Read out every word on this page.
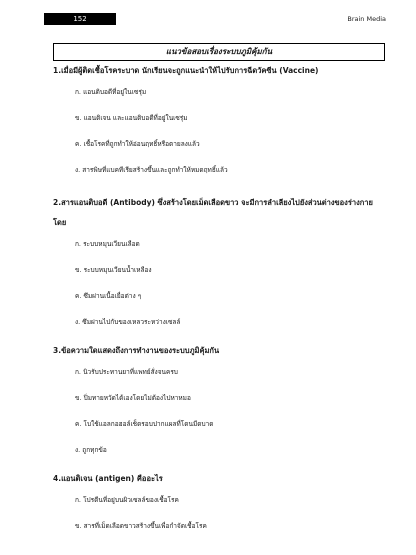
152	Brain Media
แนวข้อสอบเรื่องระบบภูมิคุ้มกัน

1.เมื่อมีผู้ติดเชื้อโรคระบาด นักเรียนจะถูกแนะนำให้ไปรับการฉีดวัคซีน (Vaccine)

ก. แอนติบอดีที่อยู่ในเซรุ่ม

ข. แอนติเจน และแอนติบอดีที่อยู่ในเซรุ่ม

ค. เชื้อโรคที่ถูกทำให้อ่อนฤทธิ์หรือตายลงแล้ว

ง. สารพิษที่แบคทีเรียสร้างขึ้นและถูกทำให้หมดฤทธิ์แล้ว

2.สารแอนติบอดี (Antibody) ซึ่งสร้างโดยเม็ดเลือดขาว จะมีการลำเลียงไปยังส่วนต่างของร่างกาย โดย

ก. ระบบหมุนเวียนเลือด

ข. ระบบหมุนเวียนน้ำเหลือง

ค. ซึมผ่านเนื้อเยื่อต่าง ๆ

ง. ซึมผ่านไปกับของเหลวระหว่างเซลล์

3.ข้อความใดแสดงถึงการทำงานของระบบภูมิคุ้มกัน

ก. นิวรับประทานยาที่แพทย์สั่งจนครบ

ข. ปิ่มทายหวัดได้เองโดยไม่ต้องไปหาหมอ

ค. โบใช้แอลกอฮอล์เช็ดรอบปากแผลที่โดนมีดบาด

ง. ถูกทุกข้อ

4.แอนติเจน (antigen) คืออะไร

ก. โปรตีนที่อยู่บนผิวเซลล์ของเชื้อโรค

ข. สารที่เม็ดเลือดขาวสร้างขึ้นเพื่อกำจัดเชื้อโรค
